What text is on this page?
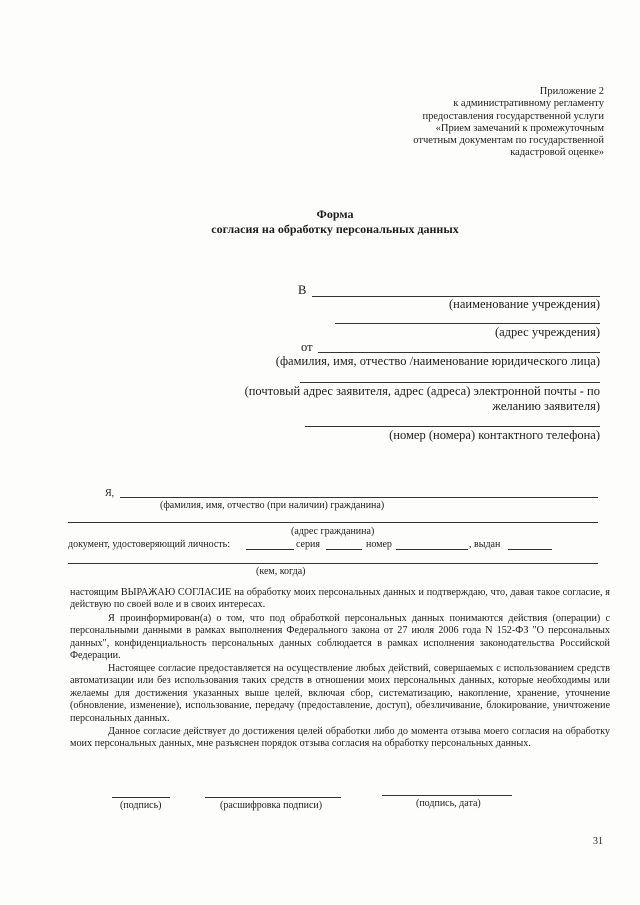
Приложение 2
к административному регламенту
предоставления государственной услуги
«Прием замечаний к промежуточным
отчетным документам по государственной
кадастровой оценке»
Форма
согласия на обработку персональных данных
В
(наименование учреждения)
(адрес учреждения)
от
(фамилия, имя, отчество /наименование юридического лица)
(почтовый адрес заявителя, адрес (адреса) электронной почты - по
желанию заявителя)
(номер (номера) контактного телефона)
Я,
(фамилия, имя, отчество (при наличии) гражданина)
(адрес гражданина)
документ, удостоверяющий личность:	серия	номер	, выдан
(кем, когда)
настоящим ВЫРАЖАЮ СОГЛАСИЕ на обработку моих персональных данных и подтверждаю, что, давая такое согласие, я действую по своей воле и в своих интересах.
Я проинформирован(а) о том, что под обработкой персональных данных понимаются действия (операции) с персональными данными в рамках выполнения Федерального закона от 27 июля 2006 года N 152-ФЗ "О персональных данных", конфиденциальность персональных данных соблюдается в рамках исполнения законодательства Российской Федерации.
Настоящее согласие предоставляется на осуществление любых действий, совершаемых с использованием средств автоматизации или без использования таких средств в отношении моих персональных данных, которые необходимы или желаемы для достижения указанных выше целей, включая сбор, систематизацию, накопление, хранение, уточнение (обновление, изменение), использование, передачу (предоставление, доступ), обезличивание, блокирование, уничтожение персональных данных.
Данное согласие действует до достижения целей обработки либо до момента отзыва моего согласия на обработку моих персональных данных, мне разъяснен порядок отзыва согласия на обработку персональных данных.
(подпись)	(расшифровка подписи)	(подпись, дата)
31
